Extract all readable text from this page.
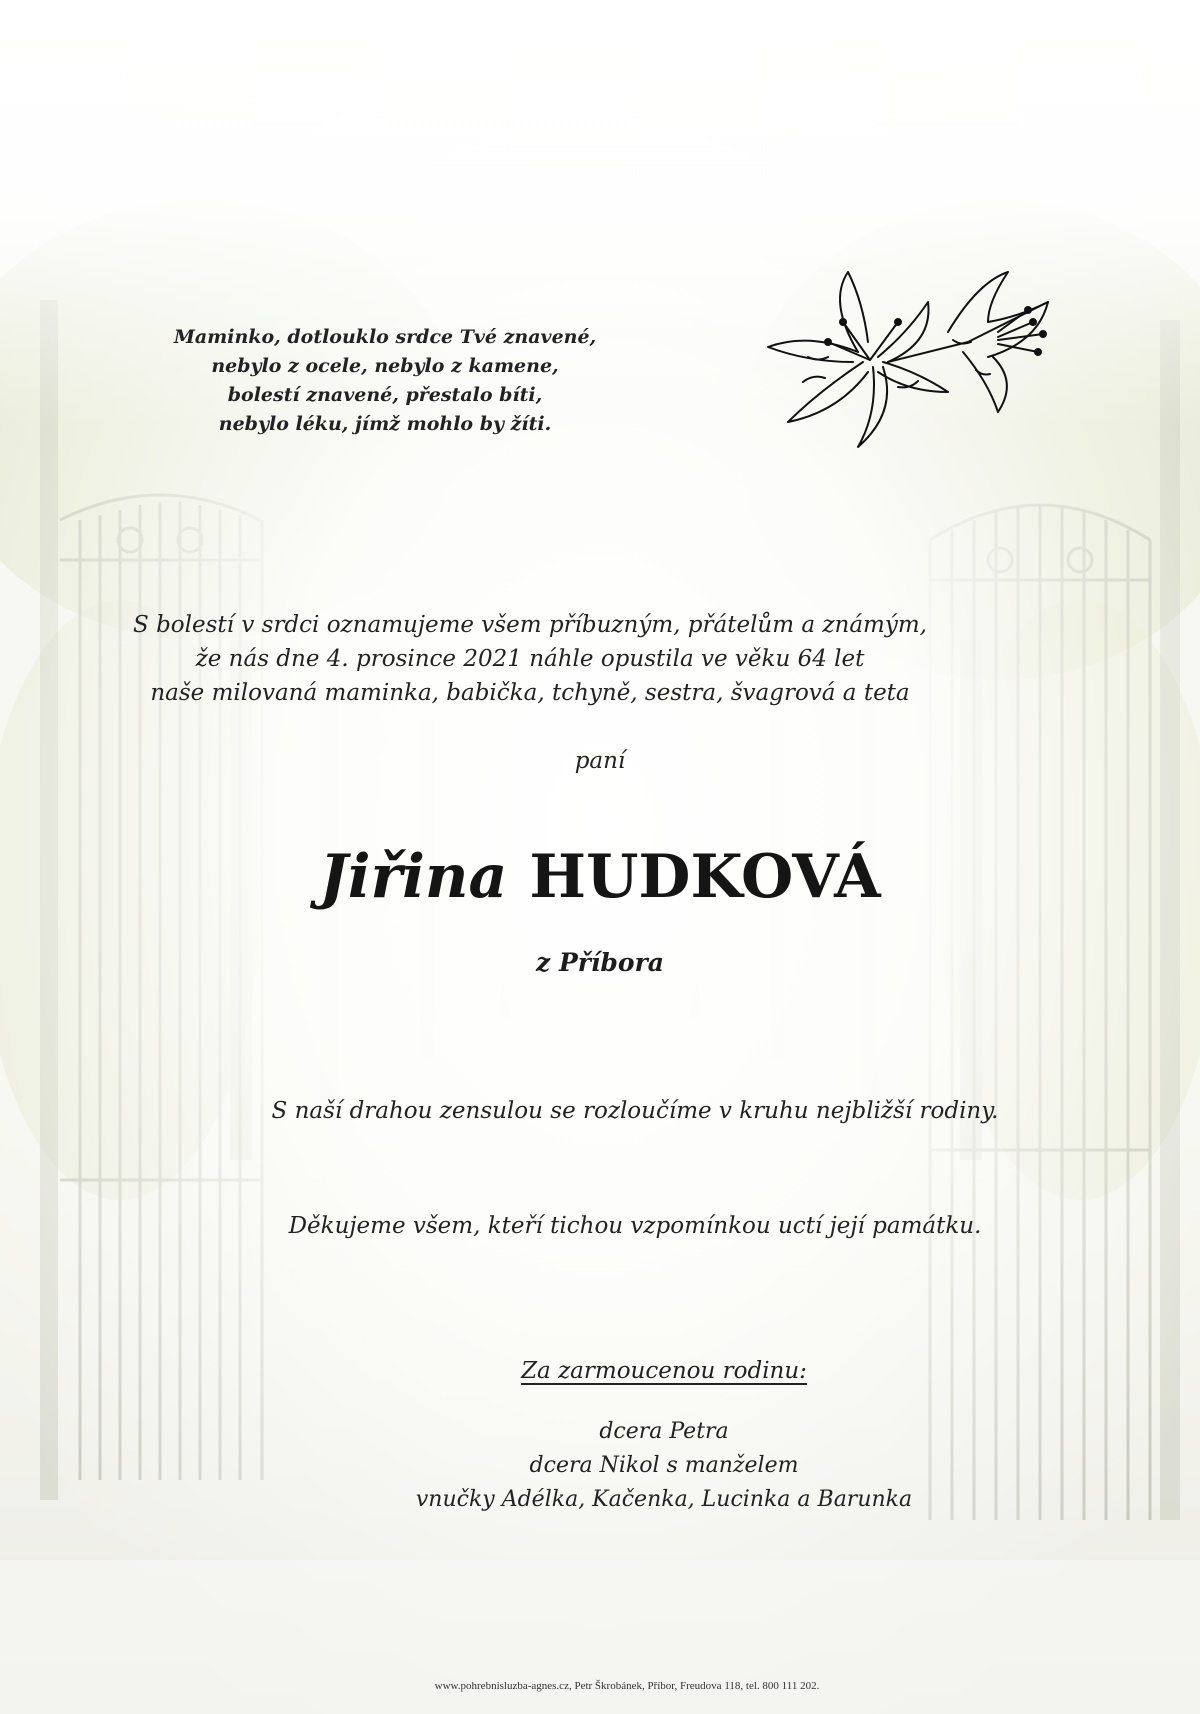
Maminko, dotlouklo srdce Tvé znavené,
nebylo z ocele, nebylo z kamene,
bolestí znavené, přestalo bíti,
nebylo léku, jímž mohlo by žíti.
S bolestí v srdci oznamujeme všem příbuzným, přátelům a známým,
že nás dne 4. prosince 2021 náhle opustila ve věku 64 let
naše milovaná maminka, babička, tchyně, sestra, švagrová a teta
paní
Jiřina HUDKOVÁ
z Příbora
S naší drahou zensulou se rozloučíme v kruhu nejbližší rodiny.
Děkujeme všem, kteří tichou vzpomínkou uctí její památku.
Za zarmoucenou rodinu:
dcera Petra
dcera Nikol s manželem
vnučky Adélka, Kačenka, Lucinka a Barunka
www.pohrebnisluzba-agnes.cz, Petr Škrobánek, Příbor, Freudova 118, tel. 800 111 202.
